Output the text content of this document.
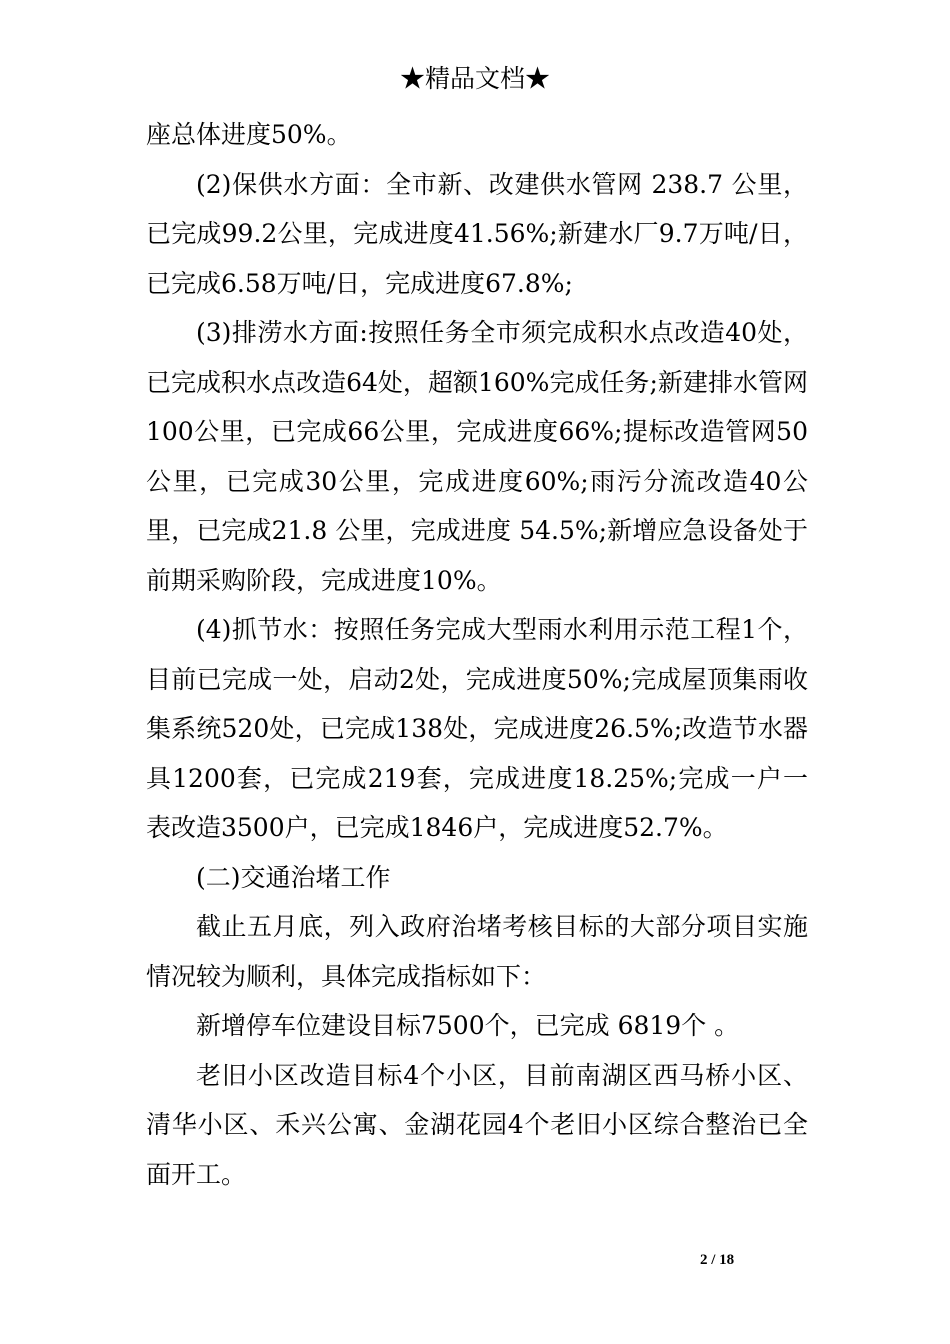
★精品文档★

座总体进度50%。

(2)保供水方面：全市新、改建供水管网 238.7 公里，已完成99.2公里，完成进度41.56%;新建水厂9.7万吨/日，已完成6.58万吨/日，完成进度67.8%;

(3)排涝水方面:按照任务全市须完成积水点改造40处，已完成积水点改造64处，超额160%完成任务;新建排水管网100公里，已完成66公里，完成进度66%;提标改造管网50公里，已完成30公里，完成进度60%;雨污分流改造40公里，已完成21.8 公里，完成进度 54.5%;新增应急设备处于前期采购阶段，完成进度10%。

(4)抓节水：按照任务完成大型雨水利用示范工程1个，目前已完成一处，启动2处，完成进度50%;完成屋顶集雨收集系统520处，已完成138处，完成进度26.5%;改造节水器具1200套，已完成219套，完成进度18.25%;完成一户一表改造3500户，已完成1846户，完成进度52.7%。

(二)交通治堵工作

截止五月底，列入政府治堵考核目标的大部分项目实施情况较为顺利，具体完成指标如下：

新增停车位建设目标7500个，已完成 6819个 。

老旧小区改造目标4个小区，目前南湖区西马桥小区、清华小区、禾兴公寓、金湖花园4个老旧小区综合整治已全面开工。

2 / 18
